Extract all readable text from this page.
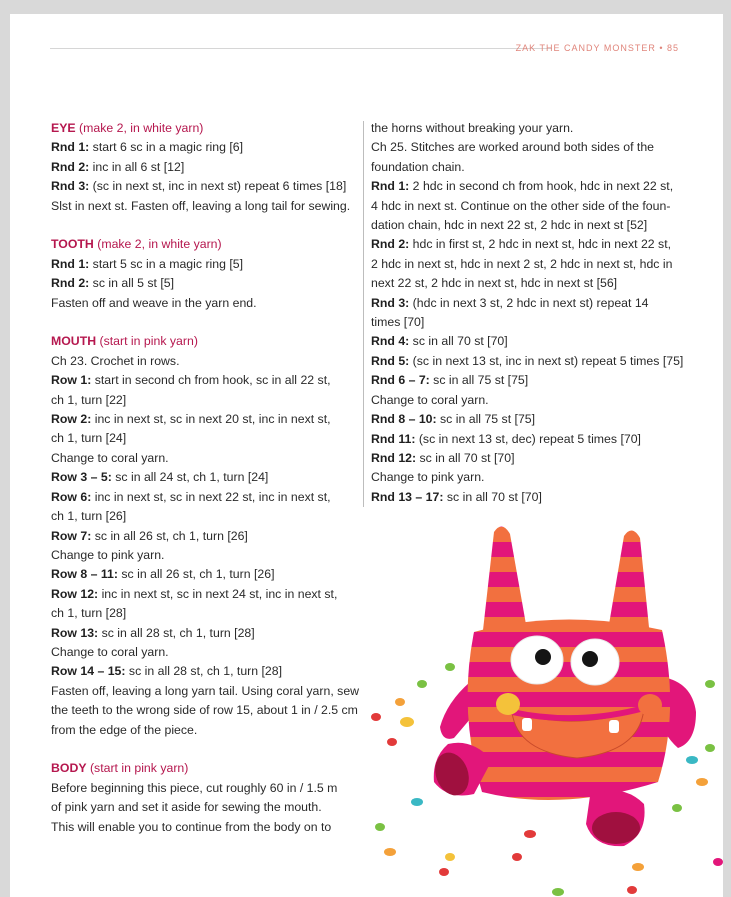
ZAK THE CANDY MONSTER • 85
EYE (make 2, in white yarn)
Rnd 1: start 6 sc in a magic ring [6]
Rnd 2: inc in all 6 st [12]
Rnd 3: (sc in next st, inc in next st) repeat 6 times [18]
Slst in next st. Fasten off, leaving a long tail for sewing.
TOOTH (make 2, in white yarn)
Rnd 1: start 5 sc in a magic ring [5]
Rnd 2: sc in all 5 st [5]
Fasten off and weave in the yarn end.
MOUTH (start in pink yarn)
Ch 23. Crochet in rows.
Row 1: start in second ch from hook, sc in all 22 st,
ch 1, turn [22]
Row 2: inc in next st, sc in next 20 st, inc in next st,
ch 1, turn [24]
Change to coral yarn.
Row 3 – 5: sc in all 24 st, ch 1, turn [24]
Row 6: inc in next st, sc in next 22 st, inc in next st,
ch 1, turn [26]
Row 7: sc in all 26 st, ch 1, turn [26]
Change to pink yarn.
Row 8 – 11: sc in all 26 st, ch 1, turn [26]
Row 12: inc in next st, sc in next 24 st, inc in next st,
ch 1, turn [28]
Row 13: sc in all 28 st, ch 1, turn [28]
Change to coral yarn.
Row 14 – 15: sc in all 28 st, ch 1, turn [28]
Fasten off, leaving a long yarn tail. Using coral yarn, sew
the teeth to the wrong side of row 15, about 1 in / 2.5 cm
from the edge of the piece.
BODY (start in pink yarn)
Before beginning this piece, cut roughly 60 in / 1.5 m
of pink yarn and set it aside for sewing the mouth.
This will enable you to continue from the body on to
the horns without breaking your yarn.
Ch 25. Stitches are worked around both sides of the
foundation chain.
Rnd 1: 2 hdc in second ch from hook, hdc in next 22 st,
4 hdc in next st. Continue on the other side of the foun-
dation chain, hdc in next 22 st, 2 hdc in next st [52]
Rnd 2: hdc in first st, 2 hdc in next st, hdc in next 22 st,
2 hdc in next st, hdc in next 2 st, 2 hdc in next st, hdc in
next 22 st, 2 hdc in next st, hdc in next st [56]
Rnd 3: (hdc in next 3 st, 2 hdc in next st) repeat 14
times [70]
Rnd 4: sc in all 70 st [70]
Rnd 5: (sc in next 13 st, inc in next st) repeat 5 times [75]
Rnd 6 – 7: sc in all 75 st [75]
Change to coral yarn.
Rnd 8 – 10: sc in all 75 st [75]
Rnd 11: (sc in next 13 st, dec) repeat 5 times [70]
Rnd 12: sc in all 70 st [70]
Change to pink yarn.
Rnd 13 – 17: sc in all 70 st [70]
